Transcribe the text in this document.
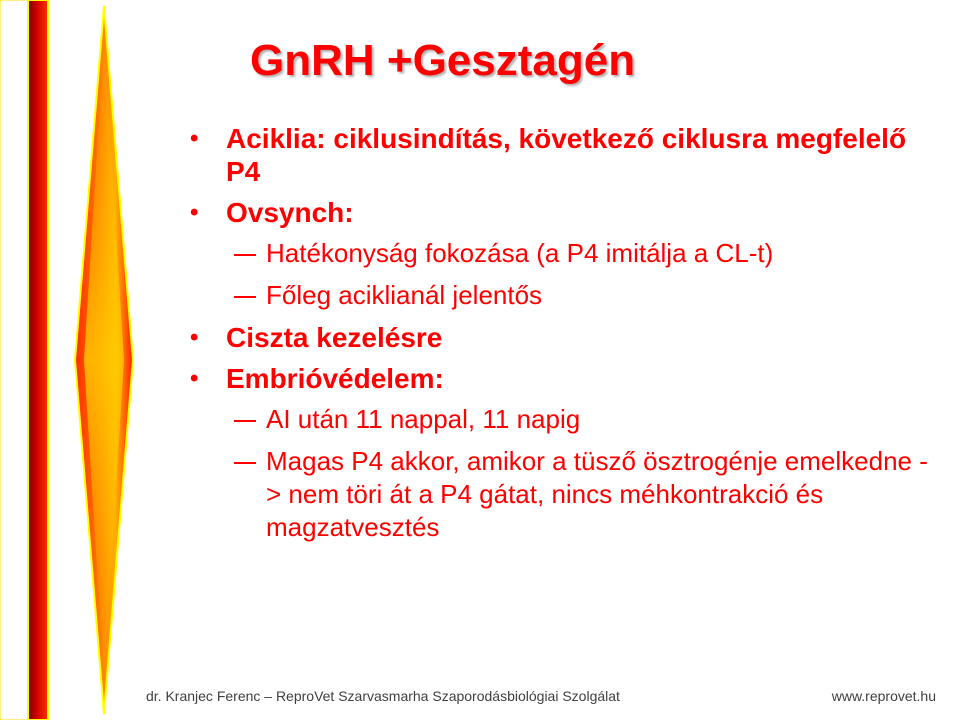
GnRH +Gesztagén
• Aciklia: ciklusindítás, következő ciklusra megfelelő P4
• Ovsynch:
Hatékonyság fokozása (a P4 imitálja a CL-t)
Főleg aciklianál jelentős
• Ciszta kezelésre
• Embrióvédelem:
AI után 11 nappal, 11 napig
Magas P4 akkor, amikor a tüsző ösztrogénje emelkedne -> nem töri át a P4 gátat, nincs méhkontrakció és magzatvesztés
dr. Kranjec Ferenc – ReproVet Szarvasmarha Szaporodásbiológiai Szolgálat	www.reprovet.hu
